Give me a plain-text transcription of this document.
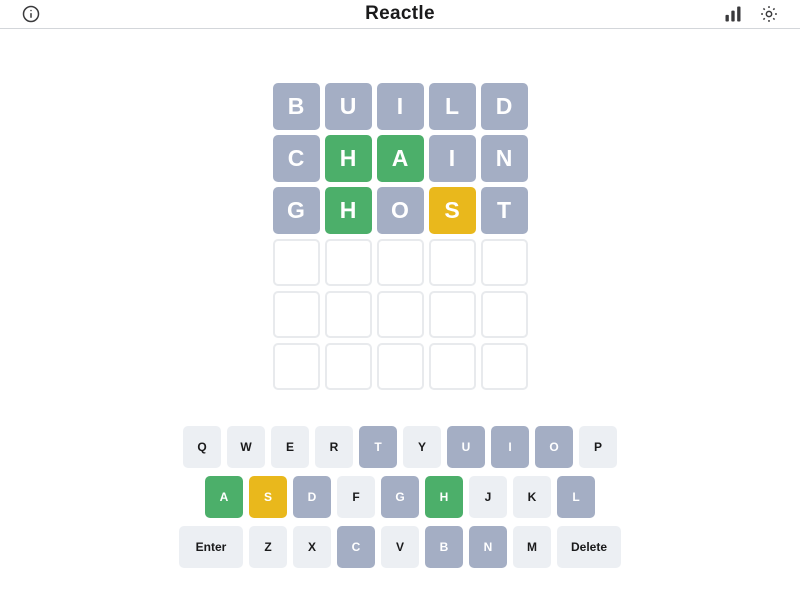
Reactle
B	U	I	L	D
C	H	A	I	N
G	H	O	S	T
Q	W	E	R	T	Y	U	I	O	P
A	S	D	F	G	H	J	K	L
Enter	Z	X	C	V	B	N	M	Delete
